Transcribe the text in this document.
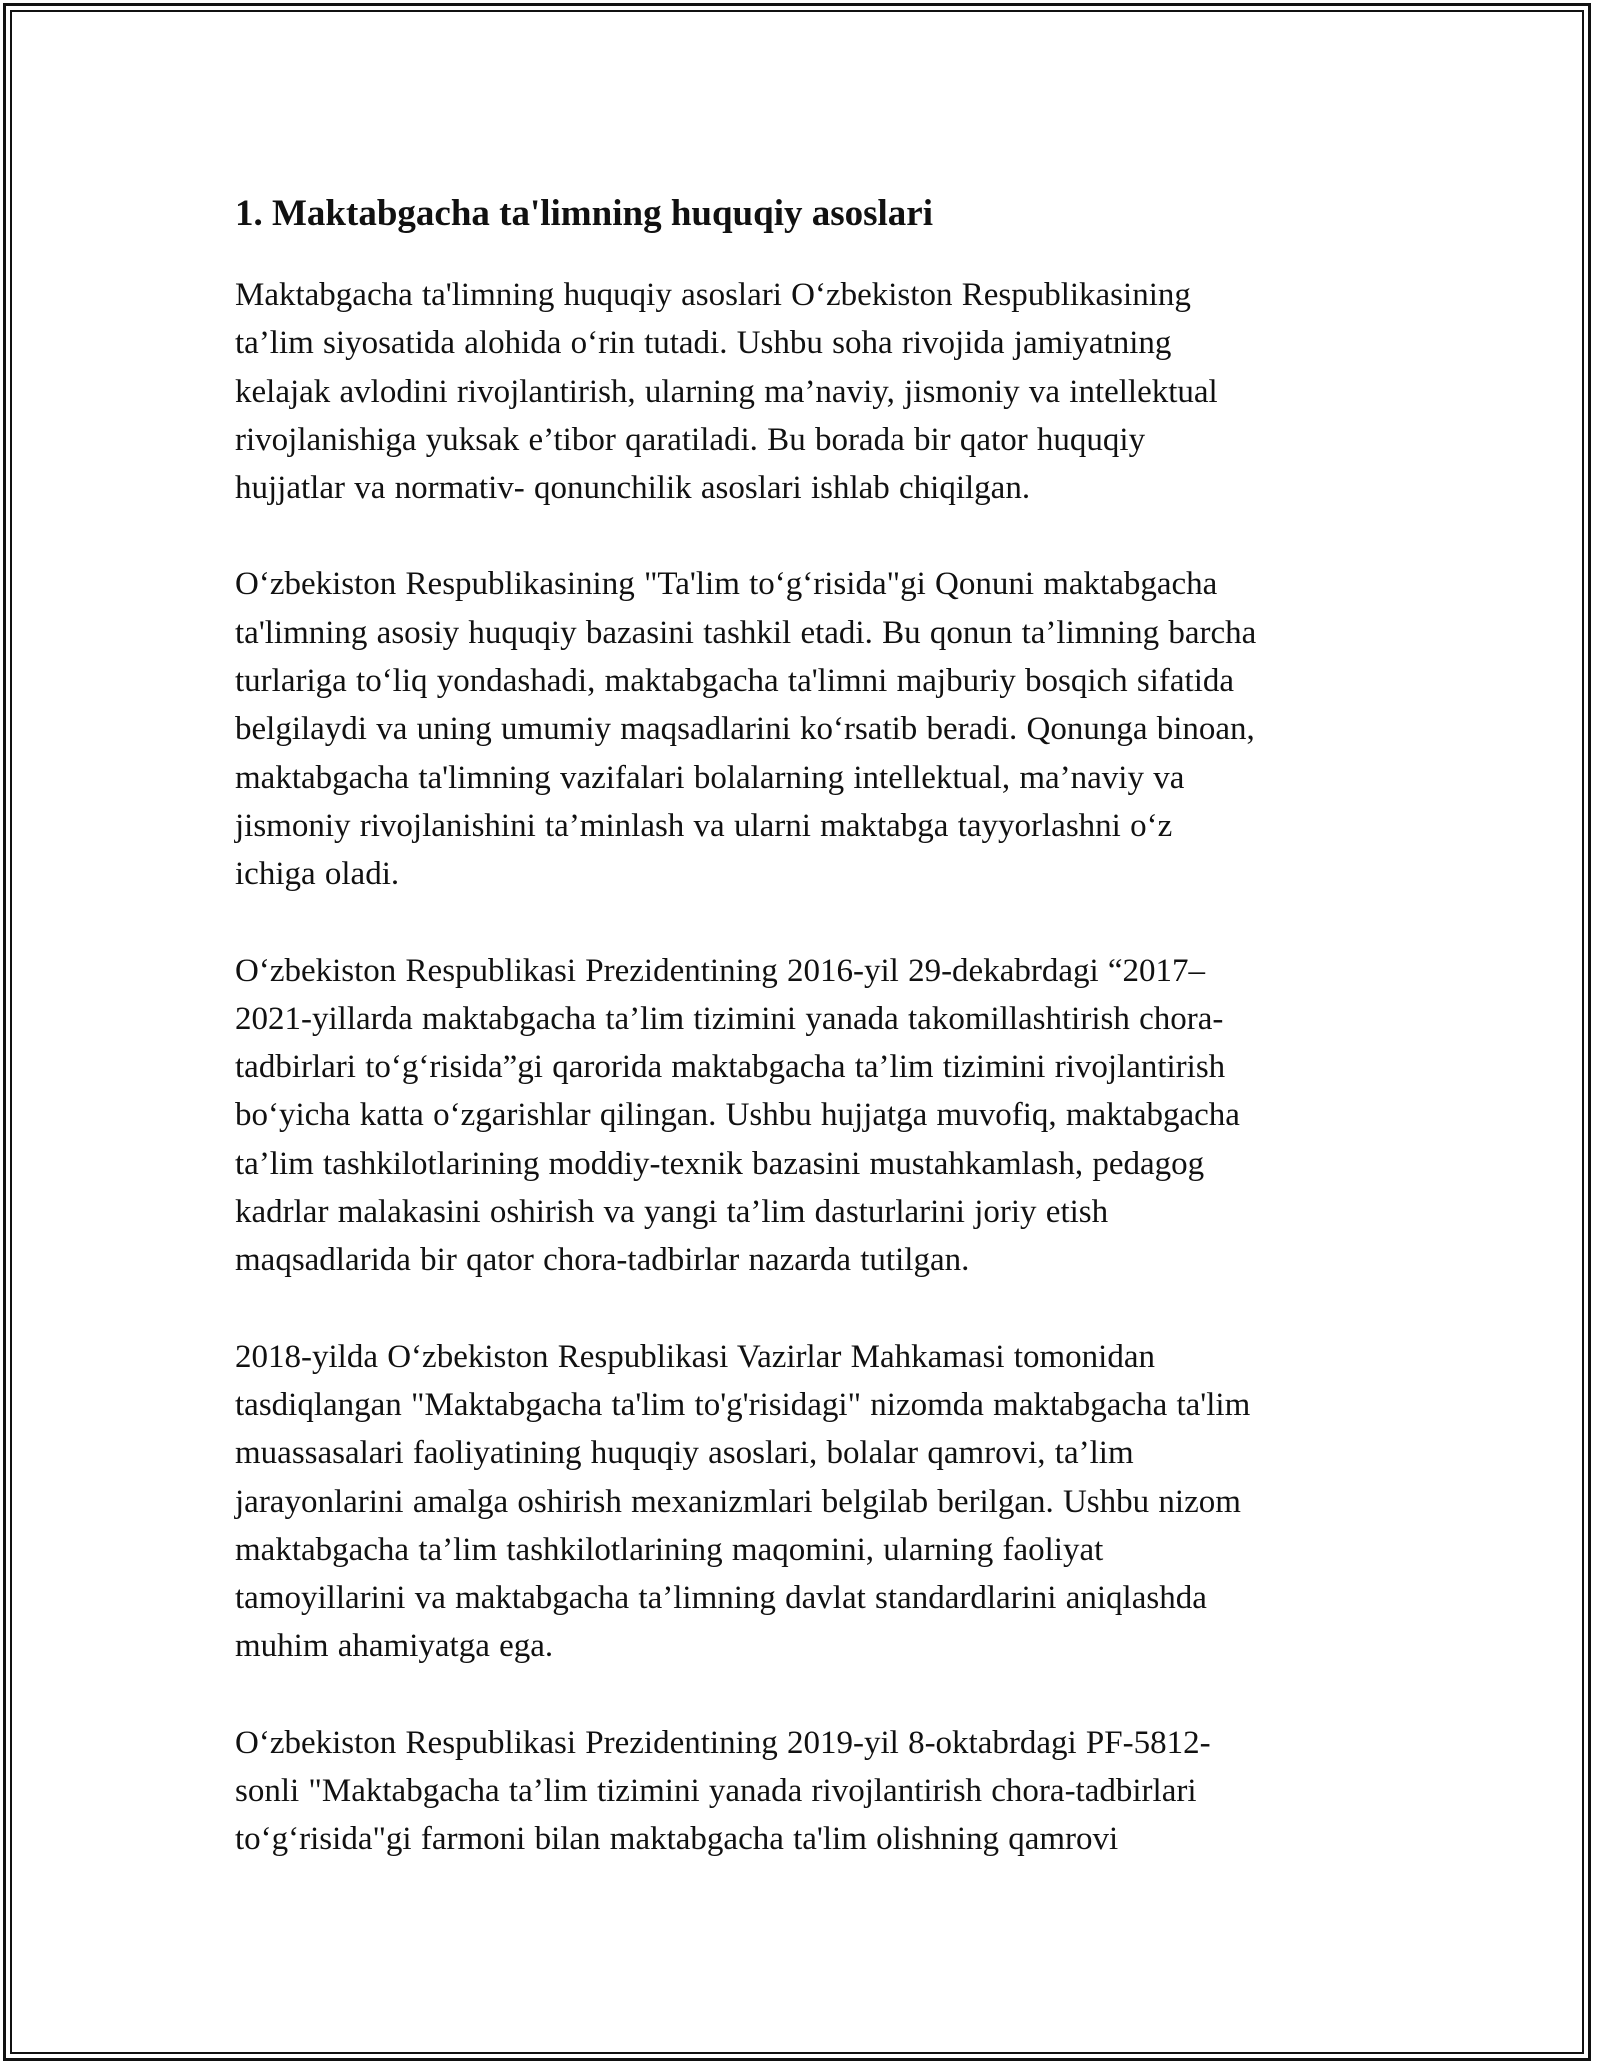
1. Maktabgacha ta'limning huquqiy asoslari

Maktabgacha ta'limning huquqiy asoslari O‘zbekiston Respublikasining
ta’lim siyosatida alohida o‘rin tutadi. Ushbu soha rivojida jamiyatning
kelajak avlodini rivojlantirish, ularning ma’naviy, jismoniy va intellektual
rivojlanishiga yuksak e’tibor qaratiladi. Bu borada bir qator huquqiy
hujjatlar va normativ- qonunchilik asoslari ishlab chiqilgan.

O‘zbekiston Respublikasining "Ta'lim to‘g‘risida"gi Qonuni maktabgacha
ta'limning asosiy huquqiy bazasini tashkil etadi. Bu qonun ta’limning barcha
turlariga to‘liq yondashadi, maktabgacha ta'limni majburiy bosqich sifatida
belgilaydi va uning umumiy maqsadlarini ko‘rsatib beradi. Qonunga binoan,
maktabgacha ta'limning vazifalari bolalarning intellektual, ma’naviy va
jismoniy rivojlanishini ta’minlash va ularni maktabga tayyorlashni o‘z
ichiga oladi.

O‘zbekiston Respublikasi Prezidentining 2016-yil 29-dekabrdagi “2017–
2021-yillarda maktabgacha ta’lim tizimini yanada takomillashtirish chora-
tadbirlari to‘g‘risida”gi qarorida maktabgacha ta’lim tizimini rivojlantirish
bo‘yicha katta o‘zgarishlar qilingan. Ushbu hujjatga muvofiq, maktabgacha
ta’lim tashkilotlarining moddiy-texnik bazasini mustahkamlash, pedagog
kadrlar malakasini oshirish va yangi ta’lim dasturlarini joriy etish
maqsadlarida bir qator chora-tadbirlar nazarda tutilgan.

2018-yilda O‘zbekiston Respublikasi Vazirlar Mahkamasi tomonidan
tasdiqlangan "Maktabgacha ta'lim to'g'risidagi" nizomda maktabgacha ta'lim
muassasalari faoliyatining huquqiy asoslari, bolalar qamrovi, ta’lim
jarayonlarini amalga oshirish mexanizmlari belgilab berilgan. Ushbu nizom
maktabgacha ta’lim tashkilotlarining maqomini, ularning faoliyat
tamoyillarini va maktabgacha ta’limning davlat standardlarini aniqlashda
muhim ahamiyatga ega.

O‘zbekiston Respublikasi Prezidentining 2019-yil 8-oktabrdagi PF-5812-
sonli "Maktabgacha ta’lim tizimini yanada rivojlantirish chora-tadbirlari
to‘g‘risida"gi farmoni bilan maktabgacha ta'lim olishning qamrovi
